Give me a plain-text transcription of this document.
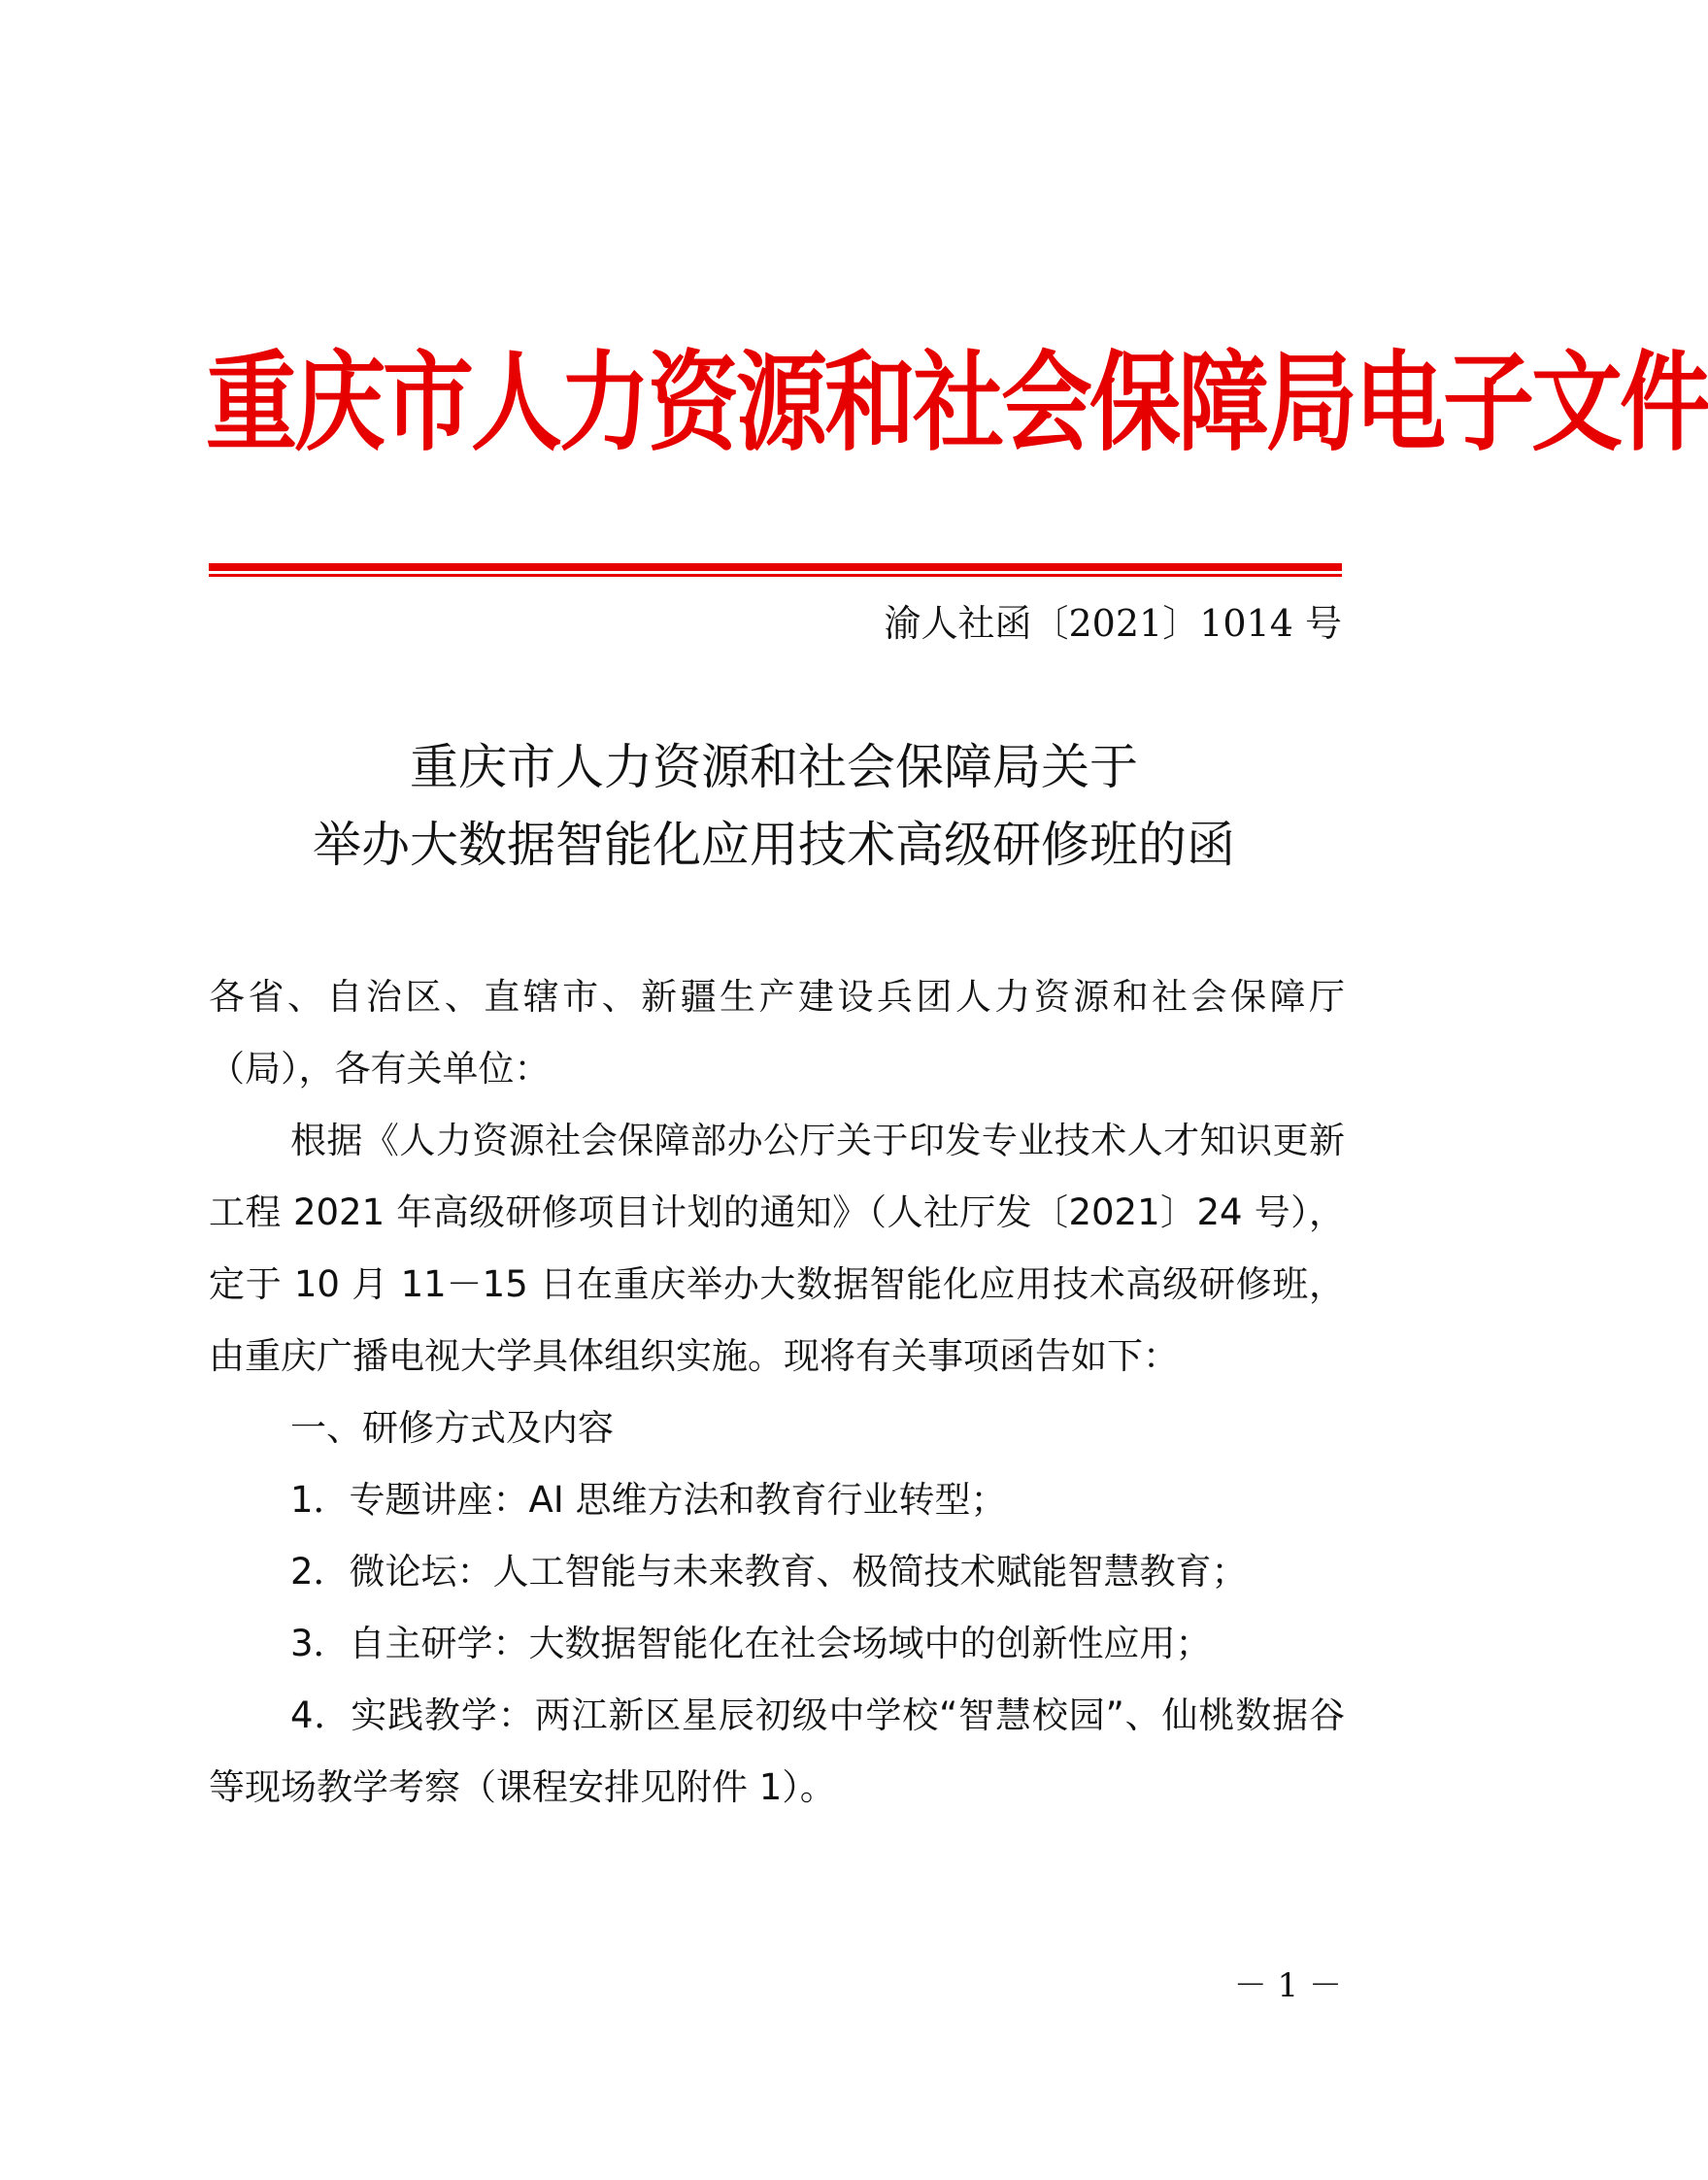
重庆市人力资源和社会保障局电子文件
渝人社函〔2021〕1014 号
重庆市人力资源和社会保障局关于
举办大数据智能化应用技术高级研修班的函

各省、自治区、直辖市、新疆生产建设兵团人力资源和社会保障厅（局），各有关单位：

根据《人力资源社会保障部办公厅关于印发专业技术人才知识更新工程 2021 年高级研修项目计划的通知》（人社厅发〔2021〕24 号），定于 10 月 11－15 日在重庆举办大数据智能化应用技术高级研修班，由重庆广播电视大学具体组织实施。现将有关事项函告如下：

一、研修方式及内容

1．专题讲座：AI 思维方法和教育行业转型；

2．微论坛：人工智能与未来教育、极简技术赋能智慧教育；

3．自主研学：大数据智能化在社会场域中的创新性应用；

4．实践教学：两江新区星辰初级中学校“智慧校园”、仙桃数据谷等现场教学考察（课程安排见附件 1）。

－ 1 －
